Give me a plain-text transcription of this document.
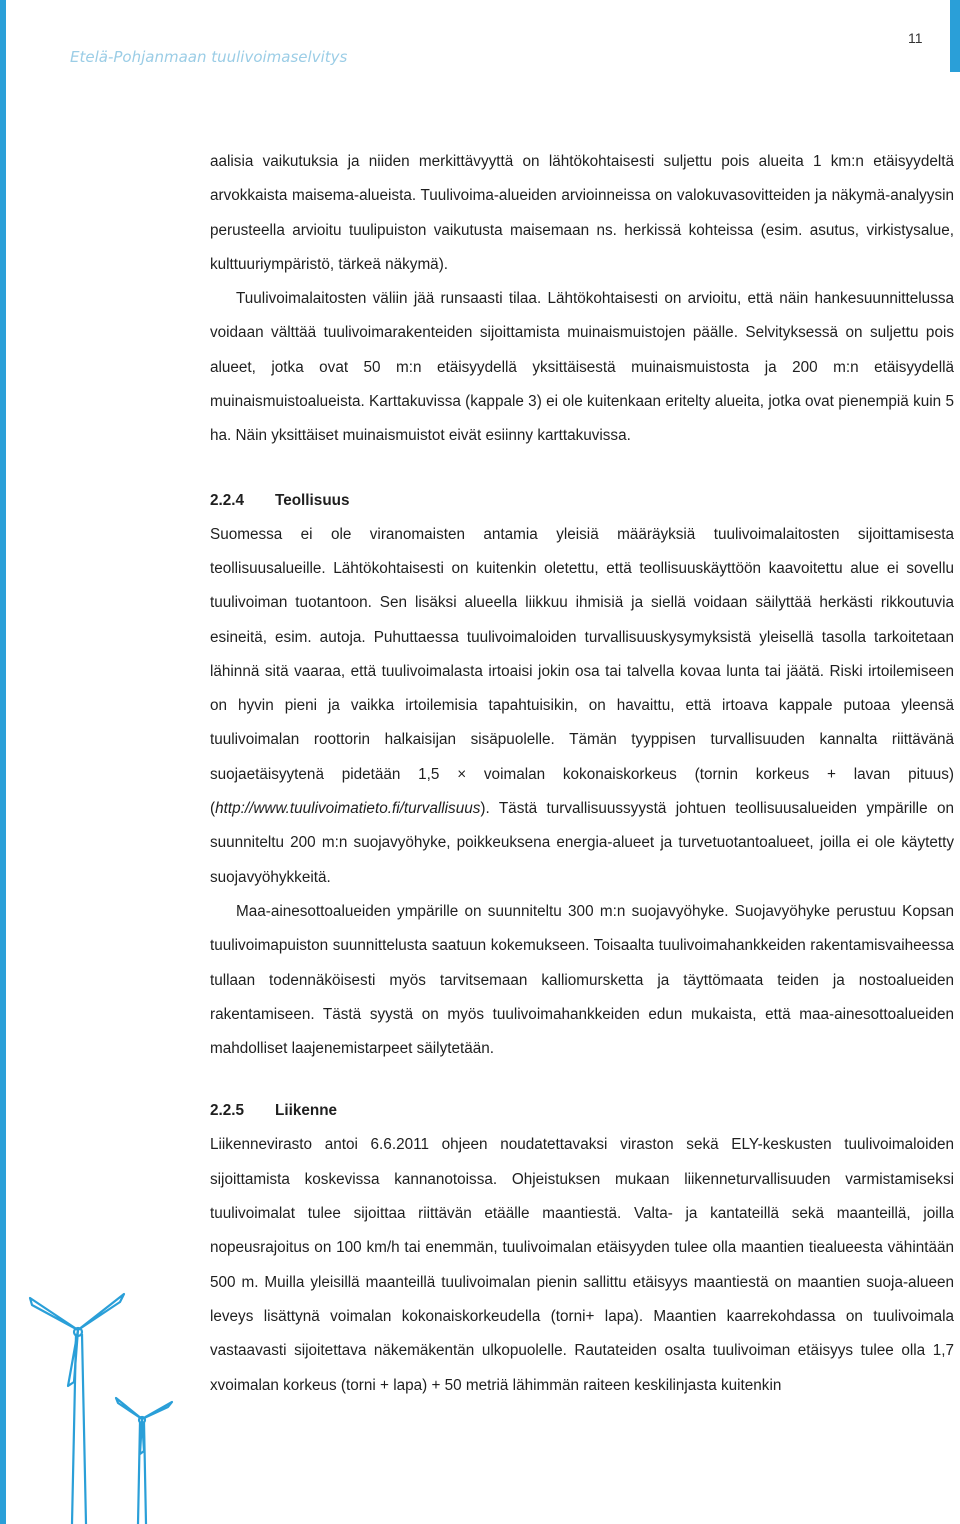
Etelä-Pohjanmaan tuulivoimaselvitys
11

aalisia vaikutuksia ja niiden merkittävyyttä on lähtökohtaisesti suljettu pois alueita 1 km:n etäisyydeltä arvokkaista maisema-alueista. Tuulivoima-alueiden arvioinneissa on valokuvasovitteiden ja näkymä-analyysin perusteella arvioitu tuulipuiston vaikutusta maisemaan ns. herkissä kohteissa (esim. asutus, virkistysalue, kulttuuriympäristö, tärkeä näkymä).

Tuulivoimalaitosten väliin jää runsaasti tilaa. Lähtökohtaisesti on arvioitu, että näin hankesuunnittelussa voidaan välttää tuulivoimarakenteiden sijoittamista muinaismuistojen päälle. Selvityksessä on suljettu pois alueet, jotka ovat 50 m:n etäisyydellä yksittäisestä muinaismuistosta ja 200 m:n etäisyydellä muinaismuistoalueista. Karttakuvissa (kappale 3) ei ole kuitenkaan eritelty alueita, jotka ovat pienempiä kuin 5 ha. Näin yksittäiset muinaismuistot eivät esiinny karttakuvissa.

2.2.4	Teollisuus

Suomessa ei ole viranomaisten antamia yleisiä määräyksiä tuulivoimalaitosten sijoittamisesta teollisuusalueille. Lähtökohtaisesti on kuitenkin oletettu, että teollisuuskäyttöön kaavoitettu alue ei sovellu tuulivoiman tuotantoon. Sen lisäksi alueella liikkuu ihmisiä ja siellä voidaan säilyttää herkästi rikkoutuvia esineitä, esim. autoja. Puhuttaessa tuulivoimaloiden turvallisuuskysymyksistä yleisellä tasolla tarkoitetaan lähinnä sitä vaaraa, että tuulivoimalasta irtoaisi jokin osa tai talvella kovaa lunta tai jäätä. Riski irtoilemiseen on hyvin pieni ja vaikka irtoilemisia tapahtuisikin, on havaittu, että irtoava kappale putoaa yleensä tuulivoimalan roottorin halkaisijan sisäpuolelle. Tämän tyyppisen turvallisuuden kannalta riittävänä suojaetäisyytenä pidetään 1,5 × voimalan kokonaiskorkeus (tornin korkeus + lavan pituus) (http://www.tuulivoimatieto.fi/turvallisuus). Tästä turvallisuussyystä johtuen teollisuusalueiden ympärille on suunniteltu 200 m:n suojavyöhyke, poikkeuksena energia-alueet ja turvetuotantoalueet, joilla ei ole käytetty suojavyöhykkeitä.

Maa-ainesottoalueiden ympärille on suunniteltu 300 m:n suojavyöhyke. Suojavyöhyke perustuu Kopsan tuulivoimapuiston suunnittelusta saatuun kokemukseen. Toisaalta tuulivoimahankkeiden rakentamisvaiheessa tullaan todennäköisesti myös tarvitsemaan kalliomursketta ja täyttömaata teiden ja nostoalueiden rakentamiseen. Tästä syystä on myös tuulivoimahankkeiden edun mukaista, että maa-ainesottoalueiden mahdolliset laajenemistarpeet säilytetään.

2.2.5	Liikenne

Liikennevirasto antoi 6.6.2011 ohjeen noudatettavaksi viraston sekä ELY-keskusten tuulivoimaloiden sijoittamista koskevissa kannanotoissa. Ohjeistuksen mukaan liikenneturvallisuuden varmistamiseksi tuulivoimalat tulee sijoittaa riittävän etäälle maantiestä. Valta- ja kantateillä sekä maanteillä, joilla nopeusrajoitus on 100 km/h tai enemmän, tuulivoimalan etäisyyden tulee olla maantien tiealueesta vähintään 500 m. Muilla yleisillä maanteillä tuulivoimalan pienin sallittu etäisyys maantiestä on maantien suoja-alueen leveys lisättynä voimalan kokonaiskorkeudella (torni+ lapa). Maantien kaarrekohdassa on tuulivoimala vastaavasti sijoitettava näkemäkentän ulkopuolelle. Rautateiden osalta tuulivoiman etäisyys tulee olla 1,7 xvoimalan korkeus (torni + lapa) + 50 metriä lähimmän raiteen keskilinjasta kuitenkin
